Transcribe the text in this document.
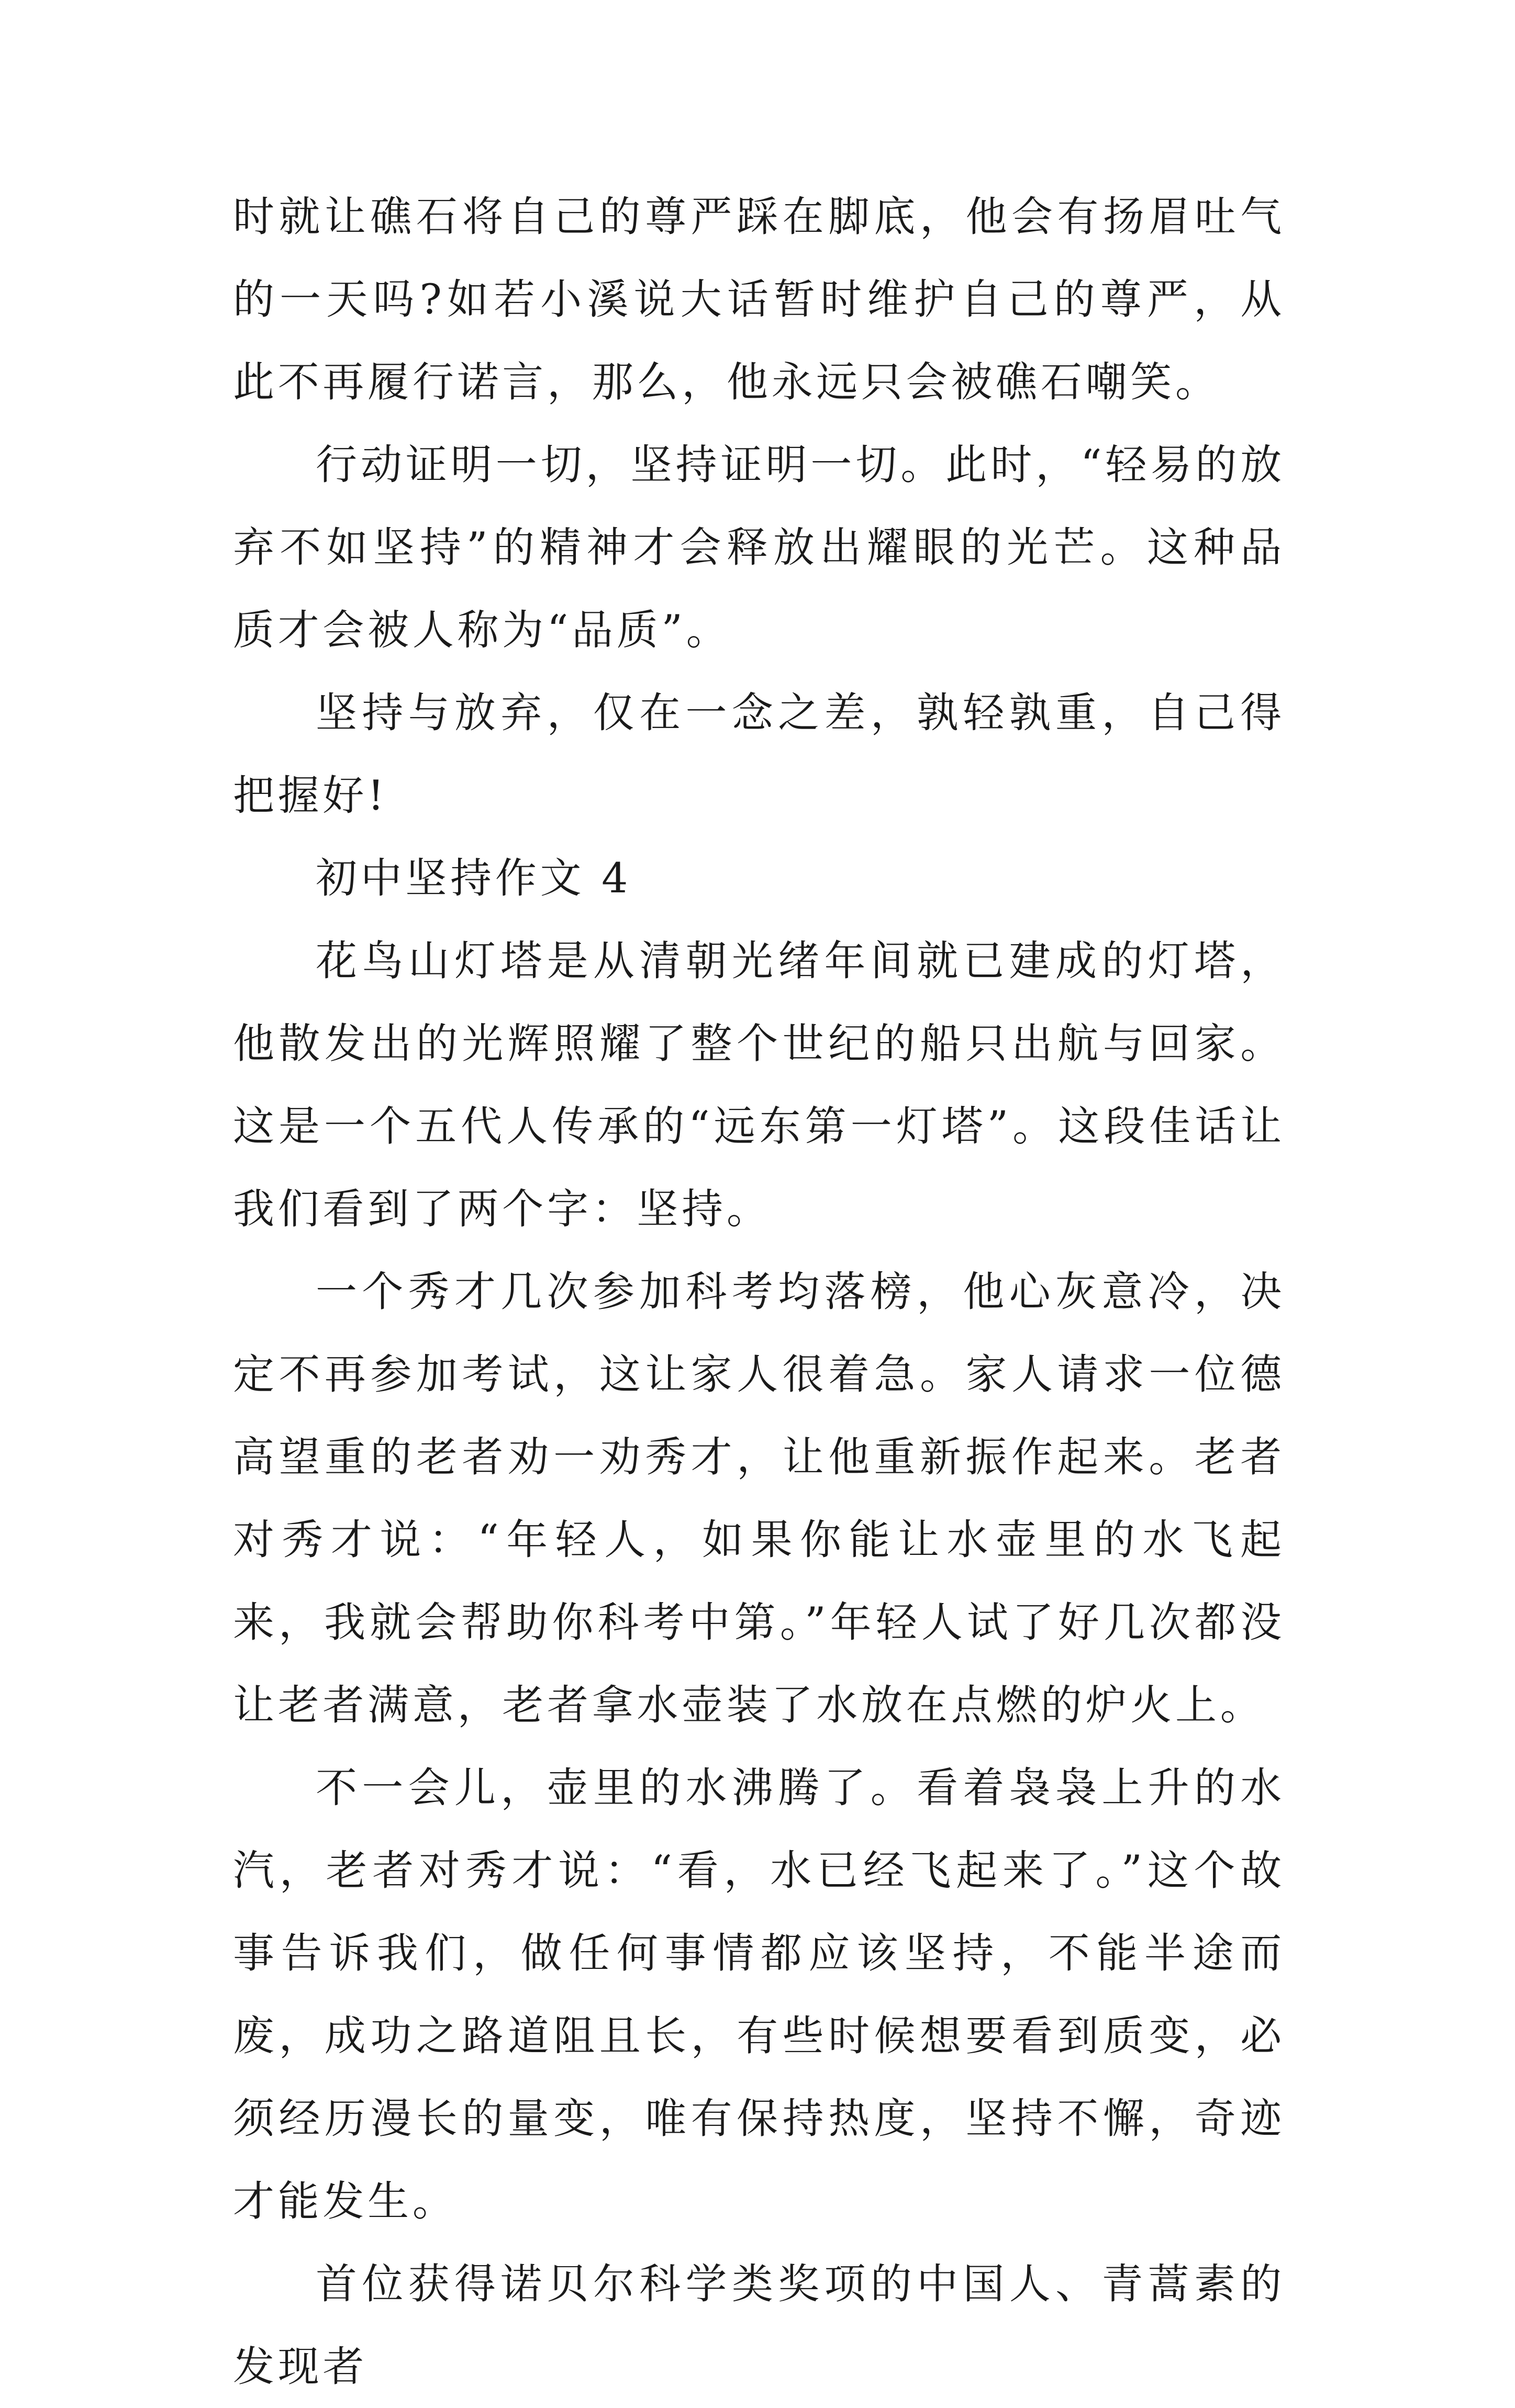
时就让礁石将自己的尊严踩在脚底，他会有扬眉吐气的一天吗?如若小溪说大话暂时维护自己的尊严，从此不再履行诺言，那么，他永远只会被礁石嘲笑。

行动证明一切，坚持证明一切。此时，“轻易的放弃不如坚持”的精神才会释放出耀眼的光芒。这种品质才会被人称为“品质”。

坚持与放弃，仅在一念之差，孰轻孰重，自己得把握好!

初中坚持作文 4

花鸟山灯塔是从清朝光绪年间就已建成的灯塔，他散发出的光辉照耀了整个世纪的船只出航与回家。这是一个五代人传承的“远东第一灯塔”。这段佳话让我们看到了两个字：坚持。

一个秀才几次参加科考均落榜，他心灰意冷，决定不再参加考试，这让家人很着急。家人请求一位德高望重的老者劝一劝秀才，让他重新振作起来。老者对秀才说：“年轻人，如果你能让水壶里的水飞起来，我就会帮助你科考中第。”年轻人试了好几次都没让老者满意，老者拿水壶装了水放在点燃的炉火上。

不一会儿，壶里的水沸腾了。看着袅袅上升的水汽，老者对秀才说：“看，水已经飞起来了。”这个故事告诉我们，做任何事情都应该坚持，不能半途而废，成功之路道阻且长，有些时候想要看到质变，必须经历漫长的量变，唯有保持热度，坚持不懈，奇迹才能发生。

首位获得诺贝尔科学类奖项的中国人、青蒿素的发现者
